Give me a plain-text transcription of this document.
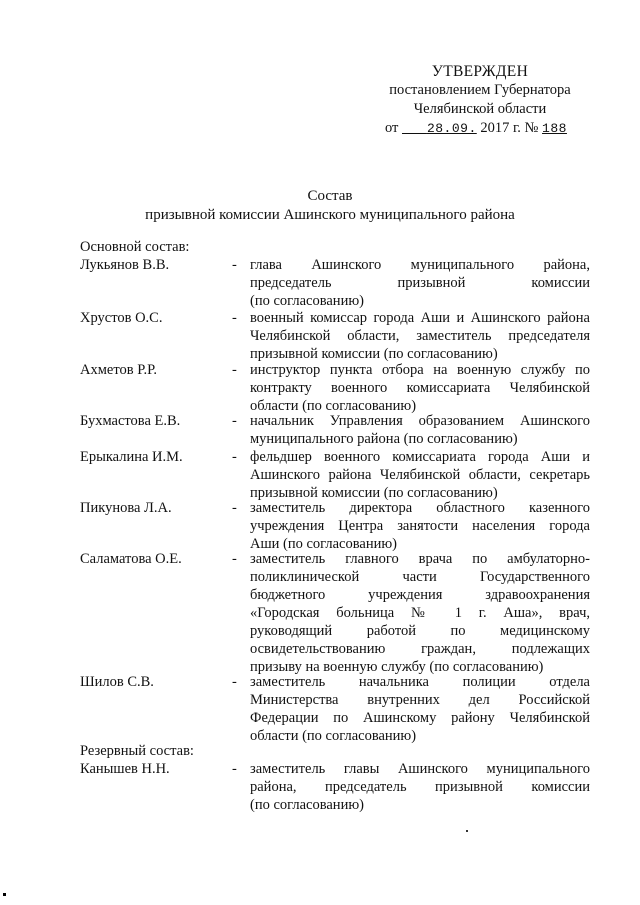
УТВЕРЖДЕН
постановлением Губернатора
Челябинской области
от ___28.09. 2017 г. № 188
Состав
призывной комиссии Ашинского муниципального района
Основной состав:
Лукьянов В.В.	- глава Ашинского муниципального района,
председатель призывной комиссии
(по согласованию)
Хрустов О.С.	- военный комиссар города Аши и Ашинского района
Челябинской области, заместитель председателя
призывной комиссии (по согласованию)
Ахметов Р.Р.	- инструктор пункта отбора на военную службу по
контракту военного комиссариата Челябинской
области (по согласованию)
Бухмастова Е.В.	- начальник Управления образованием Ашинского
муниципального района (по согласованию)
Ерыкалина И.М.	- фельдшер военного комиссариата города Аши и
Ашинского района Челябинской области, секретарь
призывной комиссии (по согласованию)
Пикунова Л.А.	- заместитель директора областного казенного
учреждения Центра занятости населения города
Аши (по согласованию)
Саламатова О.Е.	- заместитель главного врача по амбулаторно-
поликлинической части Государственного
бюджетного учреждения здравоохранения
«Городская больница № 1 г. Аша», врач,
руководящий работой по медицинскому
освидетельствованию граждан, подлежащих
призыву на военную службу (по согласованию)
Шилов С.В.	- заместитель начальника полиции отдела
Министерства внутренних дел Российской
Федерации по Ашинскому району Челябинской
области (по согласованию)
Резервный состав:
Канышев Н.Н.	- заместитель главы Ашинского муниципального
района, председатель призывной комиссии
(по согласованию)
